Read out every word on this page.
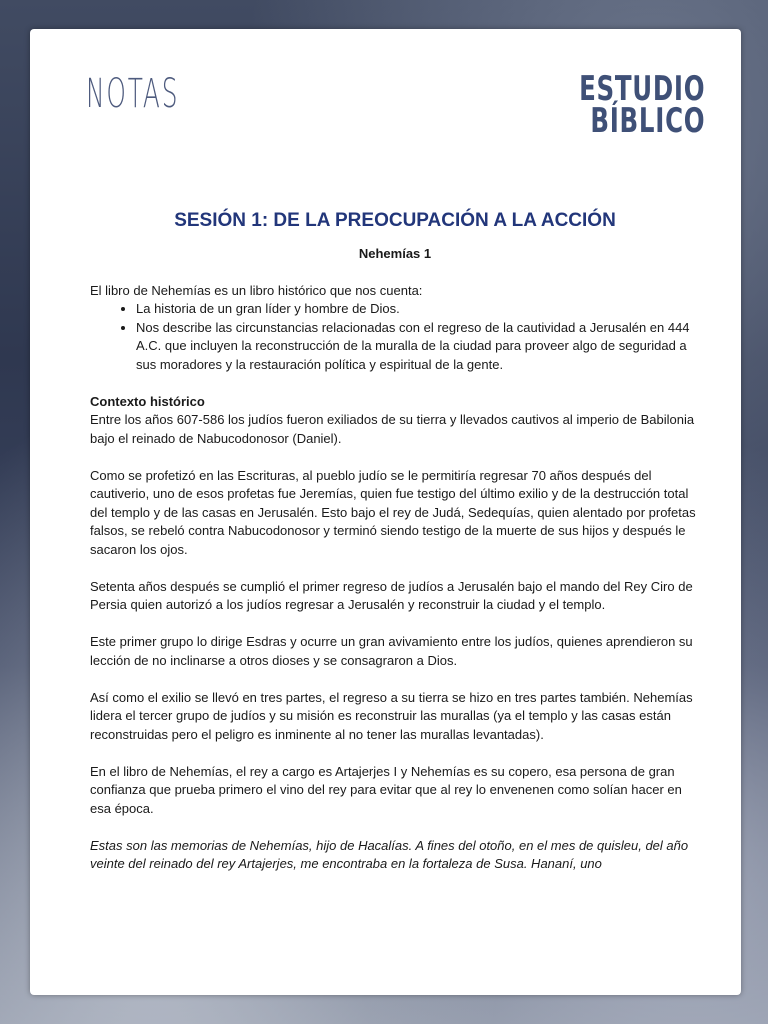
NOTAS	ESTUDIO
BÍBLICO
SESIÓN 1: DE LA PREOCUPACIÓN A LA ACCIÓN
Nehemías 1

El libro de Nehemías es un libro histórico que nos cuenta:

• La historia de un gran líder y hombre de Dios.
• Nos describe las circunstancias relacionadas con el regreso de la cautividad a Jerusalén en 444 A.C. que incluyen la reconstrucción de la muralla de la ciudad para proveer algo de seguridad a sus moradores y la restauración política y espiritual de la gente.

Contexto histórico

Entre los años 607-586 los judíos fueron exiliados de su tierra y llevados cautivos al imperio de Babilonia bajo el reinado de Nabucodonosor (Daniel).

Como se profetizó en las Escrituras, al pueblo judío se le permitiría regresar 70 años después del cautiverio, uno de esos profetas fue Jeremías, quien fue testigo del último exilio y de la destrucción total del templo y de las casas en Jerusalén. Esto bajo el rey de Judá, Sedequías, quien alentado por profetas falsos, se rebeló contra Nabucodonosor y terminó siendo testigo de la muerte de sus hijos y después le sacaron los ojos.

Setenta años después se cumplió el primer regreso de judíos a Jerusalén bajo el mando del Rey Ciro de Persia quien autorizó a los judíos regresar a Jerusalén y reconstruir la ciudad y el templo.

Este primer grupo lo dirige Esdras y ocurre un gran avivamiento entre los judíos, quienes aprendieron su lección de no inclinarse a otros dioses y se consagraron a Dios.

Así como el exilio se llevó en tres partes, el regreso a su tierra se hizo en tres partes también. Nehemías lidera el tercer grupo de judíos y su misión es reconstruir las murallas (ya el templo y las casas están reconstruidas pero el peligro es inminente al no tener las murallas levantadas).

En el libro de Nehemías, el rey a cargo es Artajerjes I y Nehemías es su copero, esa persona de gran confianza que prueba primero el vino del rey para evitar que al rey lo envenenen como solían hacer en esa época.

Estas son las memorias de Nehemías, hijo de Hacalías. A fines del otoño, en el mes de quisleu, del año veinte del reinado del rey Artajerjes, me encontraba en la fortaleza de Susa. Hananí, uno
